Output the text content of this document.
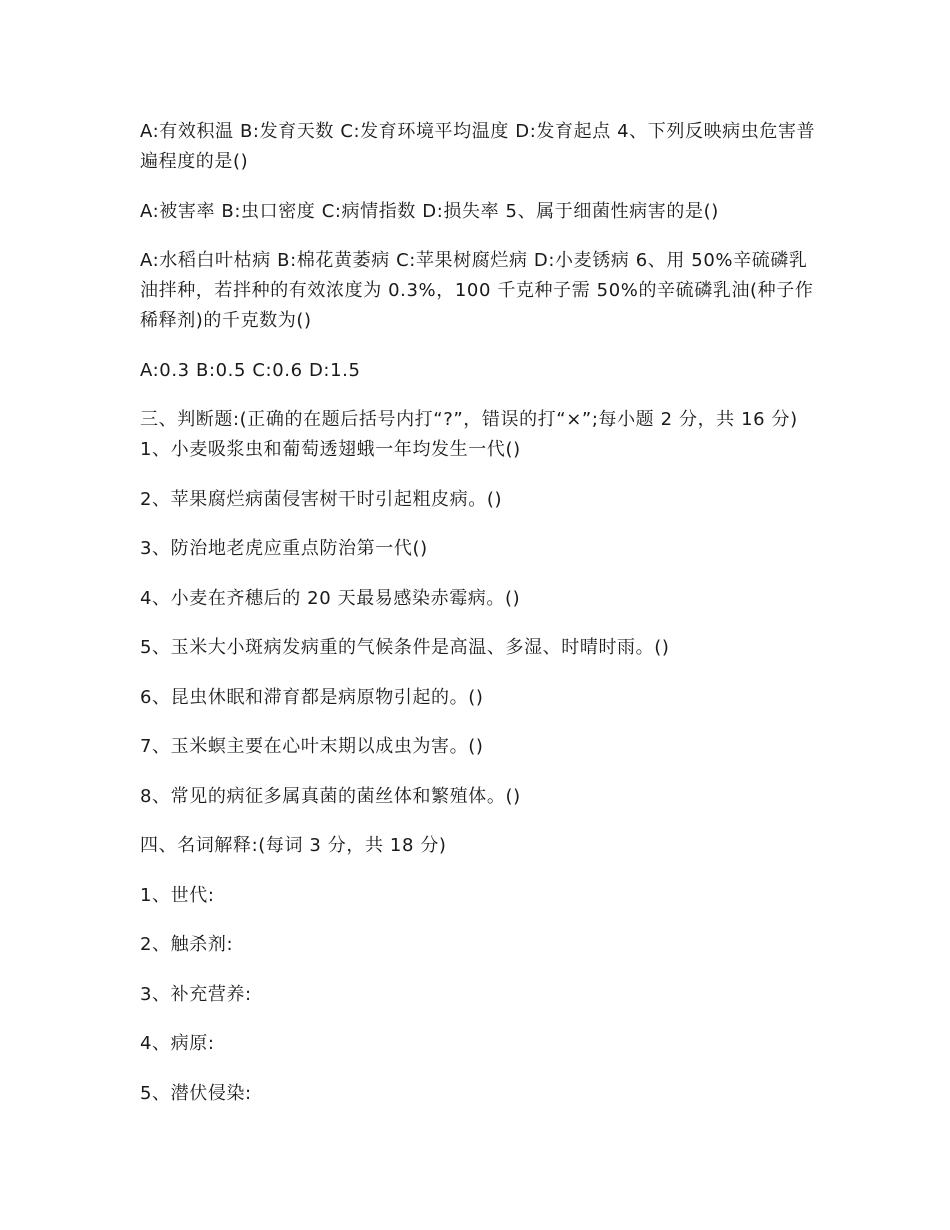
A:有效积温 B:发育天数 C:发育环境平均温度 D:发育起点 4、下列反映病虫危害普遍程度的是()

A:被害率 B:虫口密度 C:病情指数 D:损失率 5、属于细菌性病害的是()

A:水稻白叶枯病 B:棉花黄萎病 C:苹果树腐烂病 D:小麦锈病 6、用 50%辛硫磷乳油拌种，若拌种的有效浓度为 0.3%，100 千克种子需 50%的辛硫磷乳油(种子作稀释剂)的千克数为()

A:0.3 B:0.5 C:0.6 D:1.5

三、判断题:(正确的在题后括号内打“?”，错误的打“×”;每小题 2 分，共 16 分) 1、小麦吸浆虫和葡萄透翅蛾一年均发生一代()

2、苹果腐烂病菌侵害树干时引起粗皮病。()

3、防治地老虎应重点防治第一代()

4、小麦在齐穗后的 20 天最易感染赤霉病。()

5、玉米大小斑病发病重的气候条件是高温、多湿、时晴时雨。()

6、昆虫休眠和滞育都是病原物引起的。()

7、玉米螟主要在心叶末期以成虫为害。()

8、常见的病征多属真菌的菌丝体和繁殖体。()

四、名词解释:(每词 3 分，共 18 分)

1、世代:

2、触杀剂:

3、补充营养:

4、病原:

5、潜伏侵染:
